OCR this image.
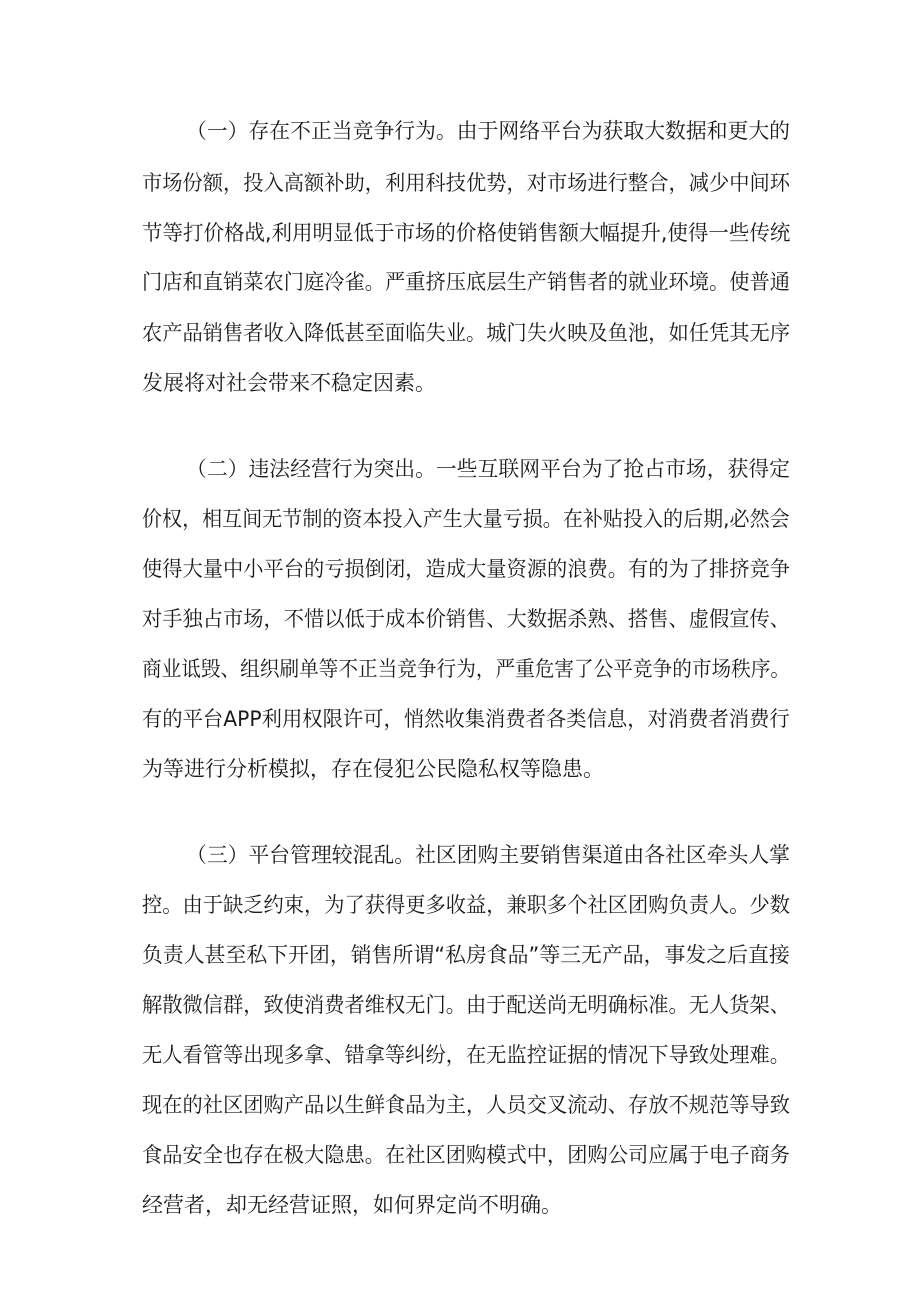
（一）存在不正当竞争行为。由于网络平台为获取大数据和更大的
市场份额，投入高额补助，利用科技优势，对市场进行整合，减少中间环
节等打价格战,利用明显低于市场的价格使销售额大幅提升,使得一些传统
门店和直销菜农门庭冷雀。严重挤压底层生产销售者的就业环境。使普通
农产品销售者收入降低甚至面临失业。城门失火映及鱼池，如任凭其无序
发展将对社会带来不稳定因素。
（二）违法经营行为突出。一些互联网平台为了抢占市场，获得定
价权，相互间无节制的资本投入产生大量亏损。在补贴投入的后期,必然会
使得大量中小平台的亏损倒闭，造成大量资源的浪费。有的为了排挤竞争
对手独占市场，不惜以低于成本价销售、大数据杀熟、搭售、虚假宣传、
商业诋毁、组织刷单等不正当竞争行为，严重危害了公平竞争的市场秩序。
有的平台APP利用权限许可，悄然收集消费者各类信息，对消费者消费行
为等进行分析模拟，存在侵犯公民隐私权等隐患。
（三）平台管理较混乱。社区团购主要销售渠道由各社区牵头人掌
控。由于缺乏约束，为了获得更多收益，兼职多个社区团购负责人。少数
负责人甚至私下开团，销售所谓“私房食品”等三无产品，事发之后直接
解散微信群，致使消费者维权无门。由于配送尚无明确标准。无人货架、
无人看管等出现多拿、错拿等纠纷，在无监控证据的情况下导致处理难。
现在的社区团购产品以生鲜食品为主，人员交叉流动、存放不规范等导致
食品安全也存在极大隐患。在社区团购模式中，团购公司应属于电子商务
经营者，却无经营证照，如何界定尚不明确。
